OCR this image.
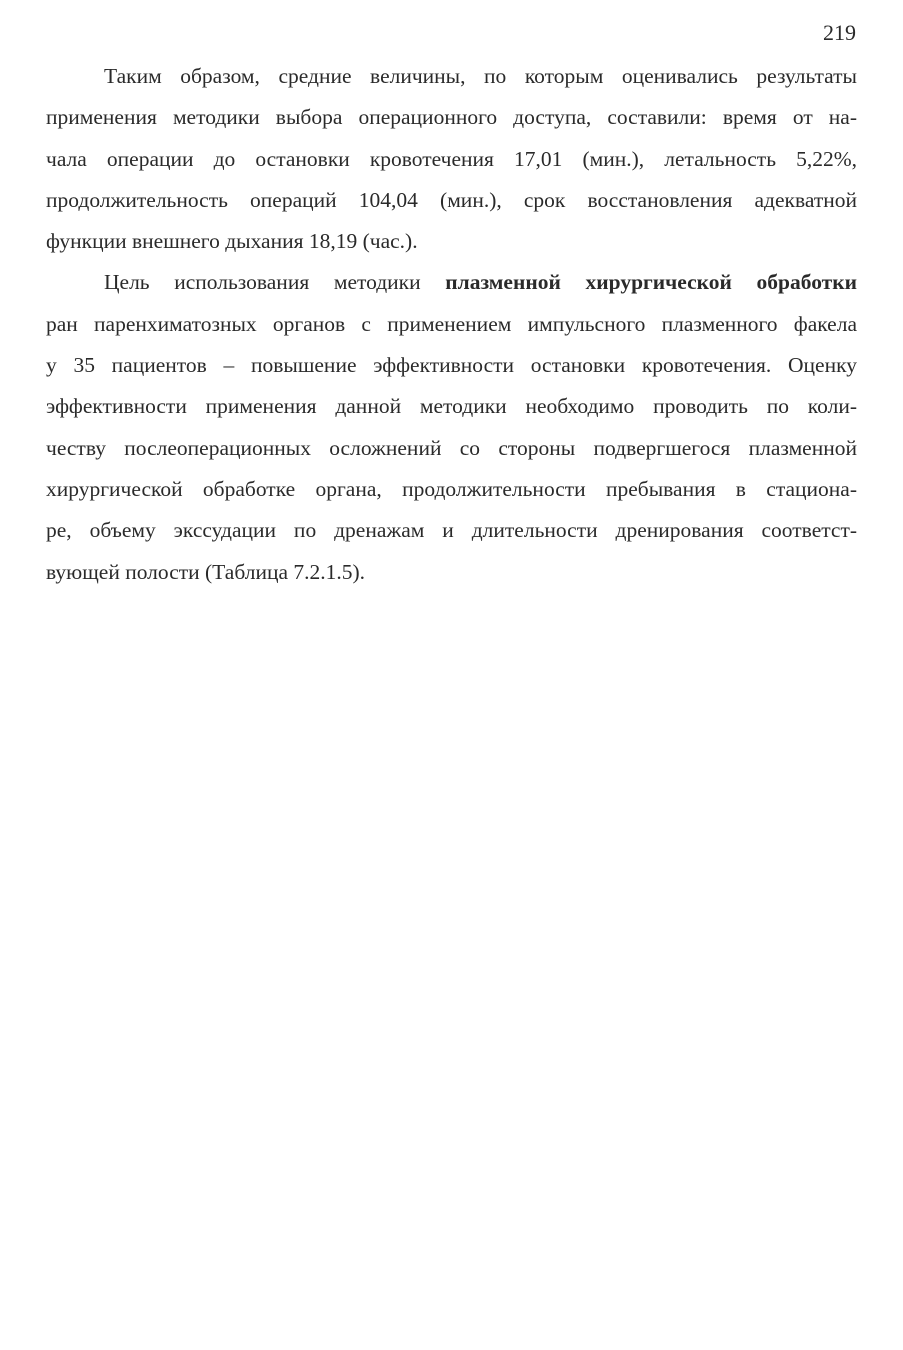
219
Таким образом, средние величины, по которым оценивались результаты
применения методики выбора операционного доступа, составили: время от на-
чала операции до остановки кровотечения 17,01 (мин.), летальность 5,22%,
продолжительность операций 104,04 (мин.), срок восстановления адекватной
функции внешнего дыхания 18,19 (час.).
Цель использования методики плазменной хирургической обработки
ран паренхиматозных органов с применением импульсного плазменного факела
у 35 пациентов – повышение эффективности остановки кровотечения. Оценку
эффективности применения данной методики необходимо проводить по коли-
честву послеоперационных осложнений со стороны подвергшегося плазменной
хирургической обработке органа, продолжительности пребывания в стациона-
ре, объему экссудации по дренажам и длительности дренирования соответст-
вующей полости (Таблица 7.2.1.5).
